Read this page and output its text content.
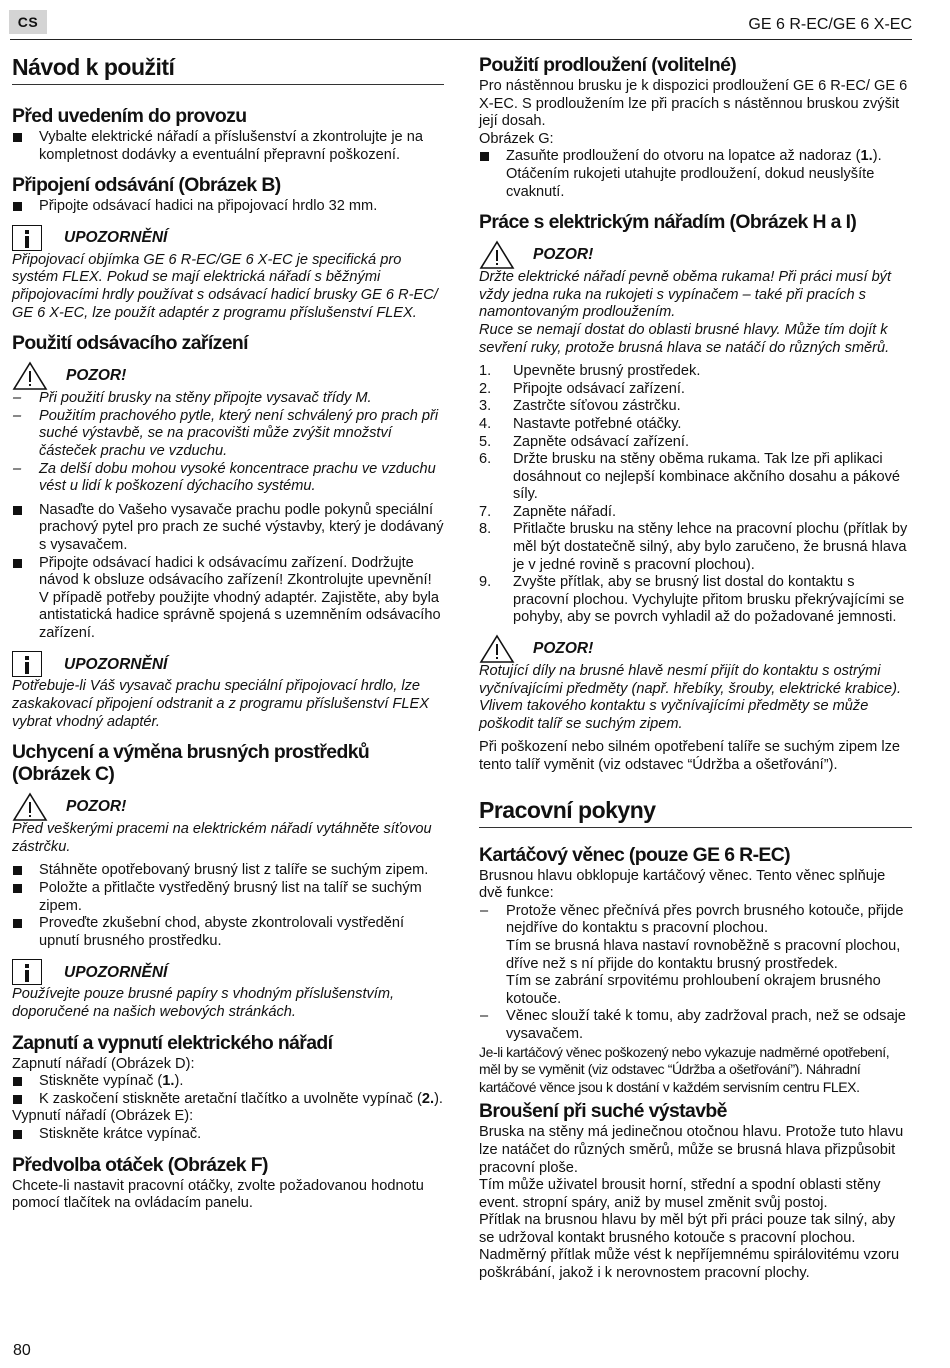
CS	GE 6 R-EC/GE 6 X-EC
Návod k použití
Před uvedením do provozu

Vybalte elektrické nářadí a příslušenství a zkontrolujte je na kompletnost dodávky a eventuální přepravní poškození.

Připojení odsávání (Obrázek B)

Připojte odsávací hadici na připojovací hrdlo 32 mm.

UPOZORNĚNÍ

Připojovací objímka GE 6 R-EC/GE 6 X-EC je specifická pro systém FLEX. Pokud se mají elektrická nářadí s běžnými připojovacími hrdly používat s odsávací hadicí brusky GE 6 R-EC/ GE 6 X-EC, lze použít adaptér z programu příslušenství FLEX.

Použití odsávacího zařízení
POZOR!
–	Při použití brusky na stěny připojte vysavač třídy M.

–	Použitím prachového pytle, který není schválený pro prach při suché výstavbě, se na pracovišti může zvýšit množství částeček prachu ve vzduchu.

–	Za delší dobu mohou vysoké koncentrace prachu ve vzduchu vést u lidí k poškození dýchacího systému.

Nasaďte do Vašeho vysavače prachu podle pokynů speciální prachový pytel pro prach ze suché výstavby, který je dodávaný s vysavačem.

Připojte odsávací hadici k odsávacímu zařízení. Dodržujte návod k obsluze odsávacího zařízení! Zkontrolujte upevnění! V případě potřeby použijte vhodný adaptér. Zajistěte, aby byla antistatická hadice správně spojená s uzemněním odsávacího zařízení.

UPOZORNĚNÍ

Potřebuje-li Váš vysavač prachu speciální připojovací hrdlo, lze zaskakovací připojení odstranit a z programu příslušenství FLEX vybrat vhodný adaptér.

Uchycení a výměna brusných prostředků (Obrázek C)
POZOR!

Před veškerými pracemi na elektrickém nářadí vytáhněte síťovou zástrčku.

Stáhněte opotřebovaný brusný list z talíře se suchým zipem.

Položte a přitlačte vystředěný brusný list na talíř se suchým zipem.

Proveďte zkušební chod, abyste zkontrolovali vystředění upnutí brusného prostředku.

UPOZORNĚNÍ

Používejte pouze brusné papíry s vhodným příslušenstvím, doporučené na našich webových stránkách.

Zapnutí a vypnutí elektrického nářadí

Zapnutí nářadí (Obrázek D):

Stiskněte vypínač (1.).

K zaskočení stiskněte aretační tlačítko a uvolněte vypínač (2.).

Vypnutí nářadí (Obrázek E):

Stiskněte krátce vypínač.

Předvolba otáček (Obrázek F)

Chcete-li nastavit pracovní otáčky, zvolte požadovanou hodnotu pomocí tlačítek na ovládacím panelu.

Použití prodloužení (volitelné)

Pro nástěnnou brusku je k dispozici prodloužení GE 6 R-EC/ GE 6 X-EC. S prodloužením lze při pracích s nástěnnou bruskou zvýšit její dosah.

Obrázek G:

Zasuňte prodloužení do otvoru na lopatce až nadoraz (1.). Otáčením rukojeti utahujte prodloužení, dokud neuslyšíte cvaknutí.

Práce s elektrickým nářadím (Obrázek H a I)
POZOR!

Držte elektrické nářadí pevně oběma rukama! Při práci musí být vždy jedna ruka na rukojeti s vypínačem – také při pracích s namontovaným prodloužením.

Ruce se nemají dostat do oblasti brusné hlavy. Může tím dojít k sevření ruky, protože brusná hlava se natáčí do různých směrů.

1.	Upevněte brusný prostředek.

2.	Připojte odsávací zařízení.

3.	Zastrčte síťovou zástrčku.

4.	Nastavte potřebné otáčky.

5.	Zapněte odsávací zařízení.

6.	Držte brusku na stěny oběma rukama. Tak lze při aplikaci dosáhnout co nejlepší kombinace akčního dosahu a pákové síly.

7.	Zapněte nářadí.

8.	Přitlačte brusku na stěny lehce na pracovní plochu (přítlak by měl být dostatečně silný, aby bylo zaručeno, že brusná hlava je v jedné rovině s pracovní plochou).

9.	Zvyšte přítlak, aby se brusný list dostal do kontaktu s pracovní plochou. Vychylujte přitom brusku překrývajícími se pohyby, aby se povrch vyhladil až do požadované jemnosti.

POZOR!

Rotující díly na brusné hlavě nesmí přijít do kontaktu s ostrými vyčnívajícími předměty (např. hřebíky, šrouby, elektrické krabice). Vlivem takového kontaktu s vyčnívajícími předměty se může poškodit talíř se suchým zipem.

Při poškození nebo silném opotřebení talíře se suchým zipem lze tento talíř vyměnit (viz odstavec “Údržba a ošetřování”).

Pracovní pokyny
Kartáčový věnec (pouze GE 6 R-EC)

Brusnou hlavu obklopuje kartáčový věnec. Tento věnec splňuje dvě funkce:

–	Protože věnec přečnívá přes povrch brusného kotouče, přijde nejdříve do kontaktu s pracovní plochou.

Tím se brusná hlava nastaví rovnoběžně s pracovní plochou, dříve než s ní přijde do kontaktu brusný prostředek.

Tím se zabrání srpovitému prohloubení okrajem brusného kotouče.

–	Věnec slouží také k tomu, aby zadržoval prach, než se odsaje vysavačem.

Je-li kartáčový věnec poškozený nebo vykazuje nadměrné opotřebení, měl by se vyměnit (viz odstavec “Údržba a ošetřování”). Náhradní kartáčové věnce jsou k dostání v každém servisním centru FLEX.

Broušení při suché výstavbě

Bruska na stěny má jedinečnou otočnou hlavu. Protože tuto hlavu lze natáčet do různých směrů, může se brusná hlava přizpůsobit pracovní ploše.

Tím může uživatel brousit horní, střední a spodní oblasti stěny event. stropní spáry, aniž by musel změnit svůj postoj.

Přítlak na brusnou hlavu by měl být při práci pouze tak silný, aby se udržoval kontakt brusného kotouče s pracovní plochou. Nadměrný přítlak může vést k nepříjemnému spirálovitému vzoru poškrábání, jakož i k nerovnostem pracovní plochy.

80
